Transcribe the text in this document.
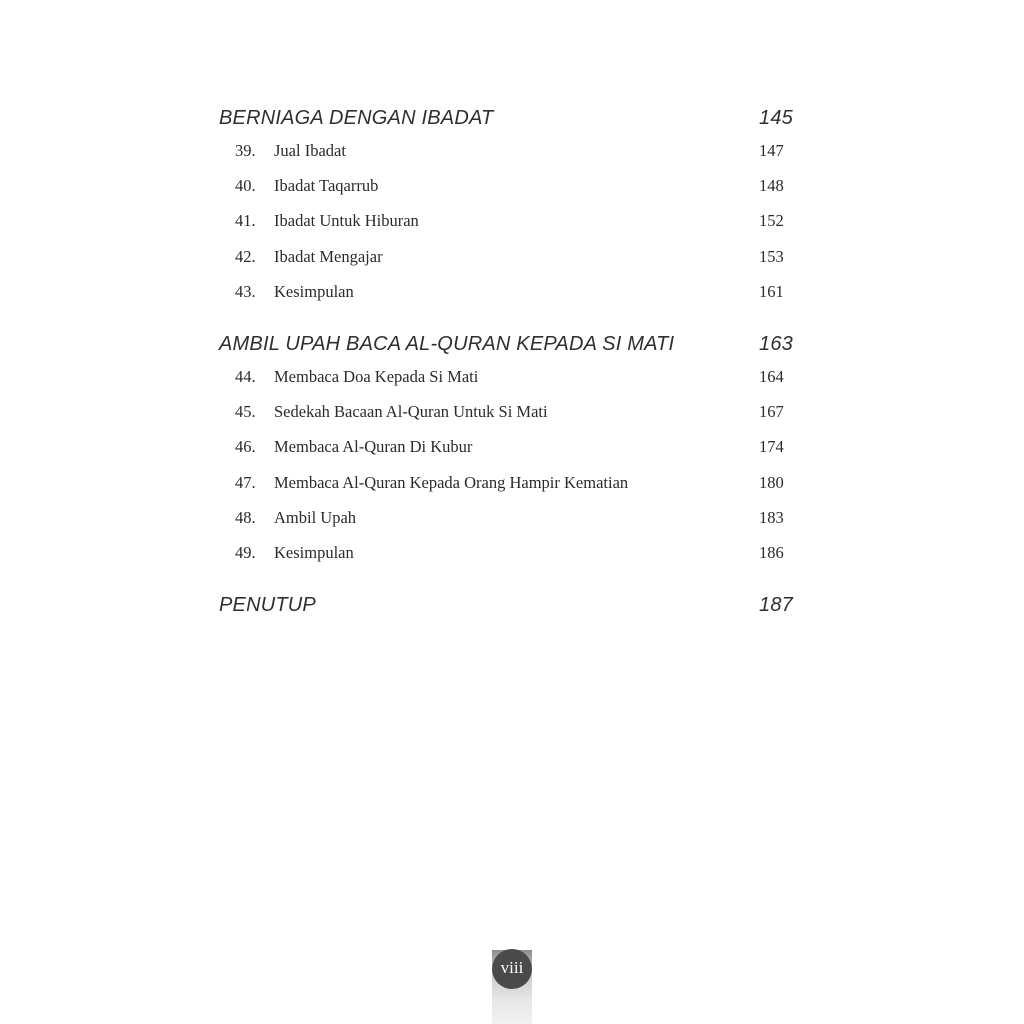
BERNIAGA DENGAN IBADAT	145
39. Jual Ibadat	147
40. Ibadat Taqarrub	148
41. Ibadat Untuk Hiburan	152
42. Ibadat Mengajar	153
43. Kesimpulan	161
AMBIL UPAH BACA AL-QURAN KEPADA SI MATI	163
44. Membaca Doa Kepada Si Mati	164
45. Sedekah Bacaan Al-Quran Untuk Si Mati	167
46. Membaca Al-Quran Di Kubur	174
47. Membaca Al-Quran Kepada Orang Hampir Kematian	180
48. Ambil Upah	183
49. Kesimpulan	186
PENUTUP	187
viii
